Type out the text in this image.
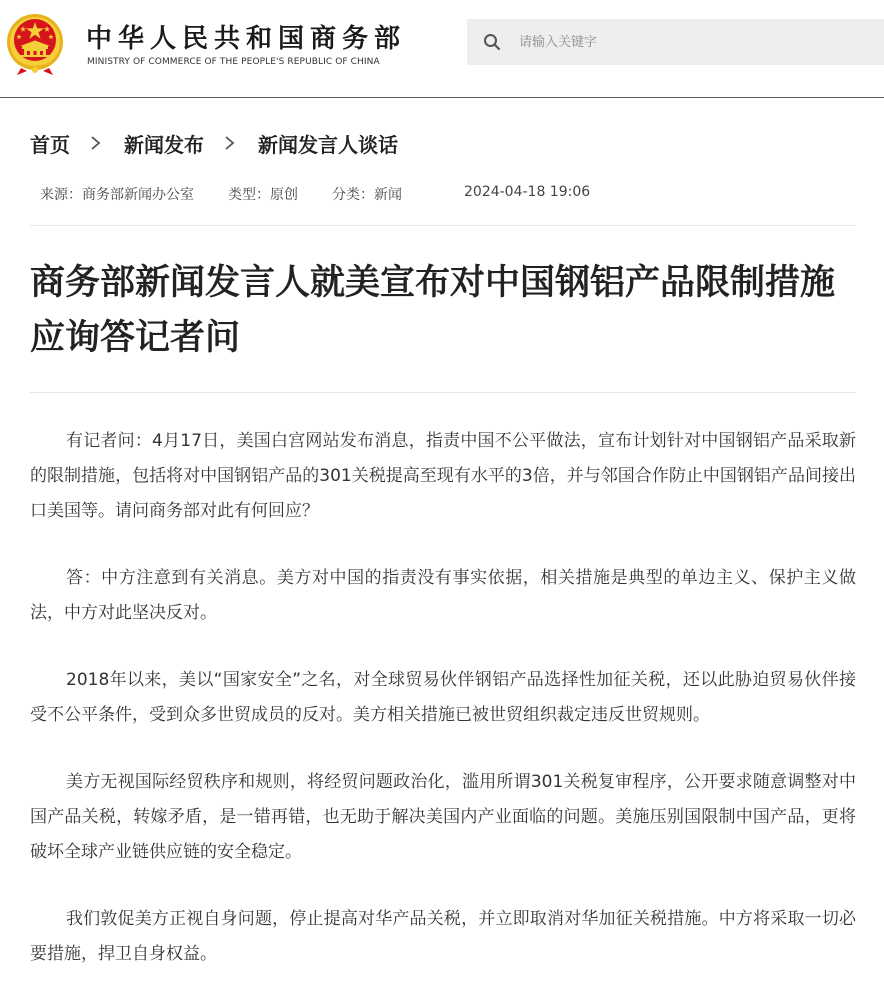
中华人民共和国商务部
MINISTRY OF COMMERCE OF THE PEOPLE'S REPUBLIC OF CHINA
请输入关键字
首页	新闻发布	新闻发言人谈话
来源：商务部新闻办公室 类型：原创 分类：新闻	2024-04-18 19:06
商务部新闻发言人就美宣布对中国钢铝产品限制措施应询答记者问

有记者问：4月17日，美国白宫网站发布消息，指责中国不公平做法，宣布计划针对中国钢铝产品采取新的限制措施，包括将对中国钢铝产品的301关税提高至现有水平的3倍，并与邻国合作防止中国钢铝产品间接出口美国等。请问商务部对此有何回应？

答：中方注意到有关消息。美方对中国的指责没有事实依据，相关措施是典型的单边主义、保护主义做法，中方对此坚决反对。

2018年以来，美以“国家安全”之名，对全球贸易伙伴钢铝产品选择性加征关税，还以此胁迫贸易伙伴接受不公平条件，受到众多世贸成员的反对。美方相关措施已被世贸组织裁定违反世贸规则。

美方无视国际经贸秩序和规则，将经贸问题政治化，滥用所谓301关税复审程序，公开要求随意调整对中国产品关税，转嫁矛盾，是一错再错，也无助于解决美国内产业面临的问题。美施压别国限制中国产品，更将破坏全球产业链供应链的安全稳定。

我们敦促美方正视自身问题，停止提高对华产品关税，并立即取消对华加征关税措施。中方将采取一切必要措施，捍卫自身权益。
